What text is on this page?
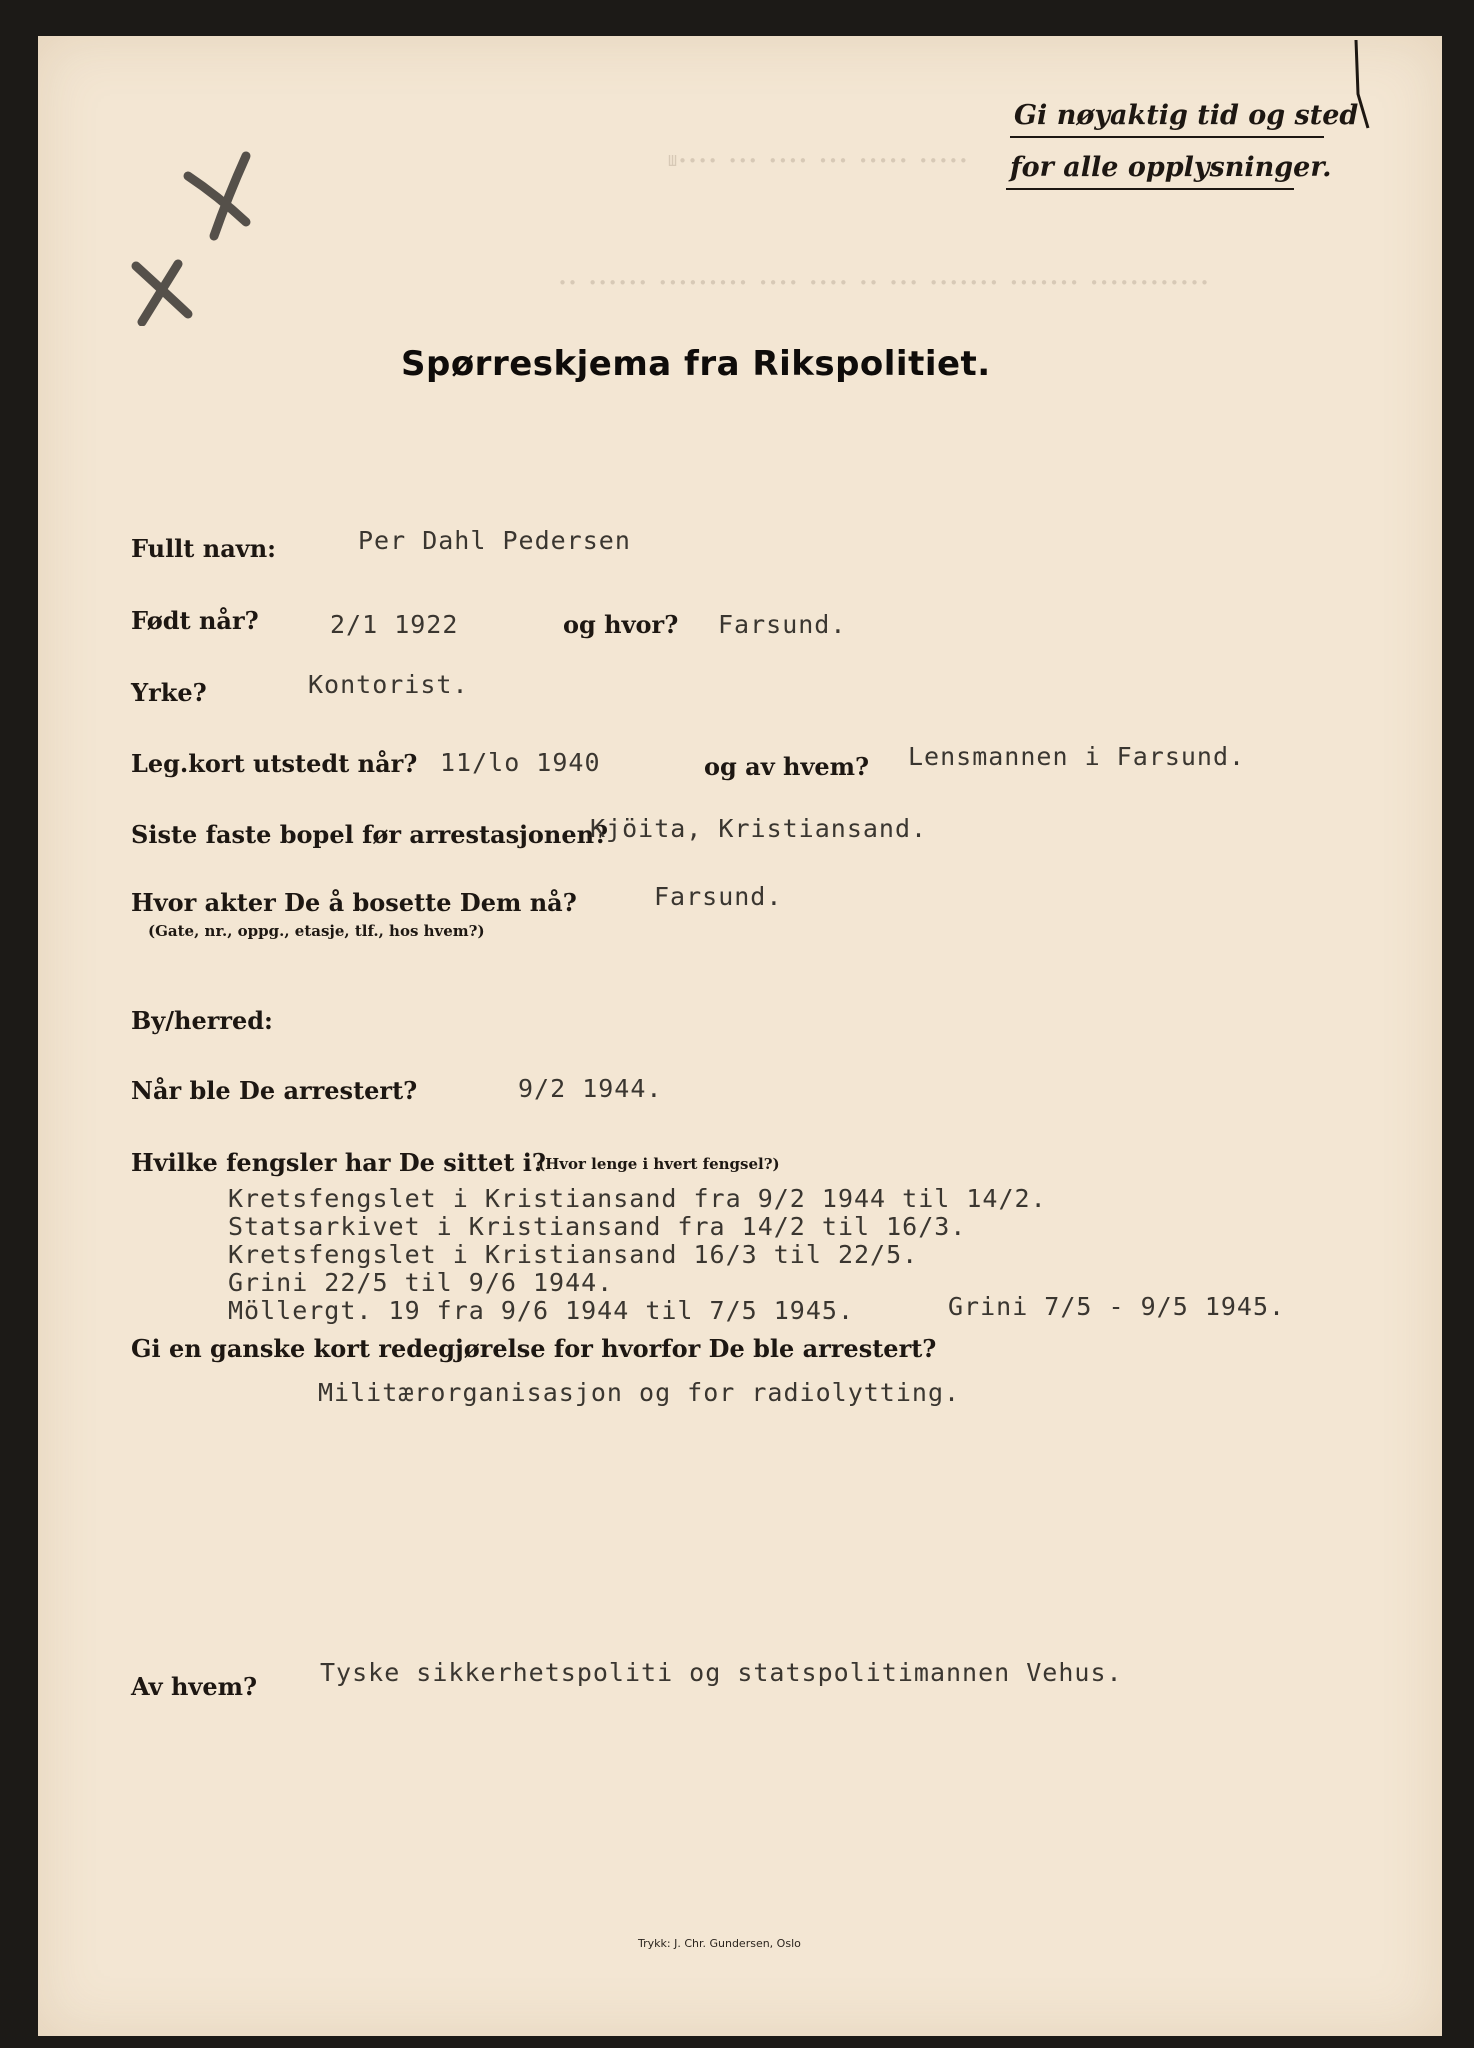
Gi nøyaktig tid og sted
for alle opplysninger.
Ш•••• ••• •••• ••• ••••• •••••
•• •••••• ••••••••• •••• •••• •• ••• ••••••• ••••••• ••••••••••••
Spørreskjema fra Rikspolitiet.
Fullt navn:	Per Dahl Pedersen
Født når?	2/1 1922	og hvor? Farsund.
Yrke?	Kontorist.
Leg.kort utstedt når? 11/lo 1940	og av hvem? Lensmannen i Farsund.
Siste faste bopel før arrestasjonen?
Kjöita, Kristiansand.
Hvor akter De å bosette Dem nå?
(Gate, nr., oppg., etasje, tlf., hos hvem?)
Farsund.
By/herred:
Når ble De arrestert?	9/2 1944.
Hvilke fengsler har De sittet i?
(Hvor lenge i hvert fengsel?)
Kretsfengslet i Kristiansand fra 9/2 1944 til 14/2.
Statsarkivet i Kristiansand fra 14/2 til 16/3.
Kretsfengslet i Kristiansand 16/3 til 22/5.
Grini 22/5 til 9/6 1944.
Möllergt. 19 fra 9/6 1944 til 7/5 1945.	Grini 7/5 - 9/5 1945.
Gi en ganske kort redegjørelse for hvorfor De ble arrestert?
Militærorganisasjon og for radiolytting.
Av hvem?	Tyske sikkerhetspoliti og statspolitimannen Vehus.
Trykk: J. Chr. Gundersen, Oslo
